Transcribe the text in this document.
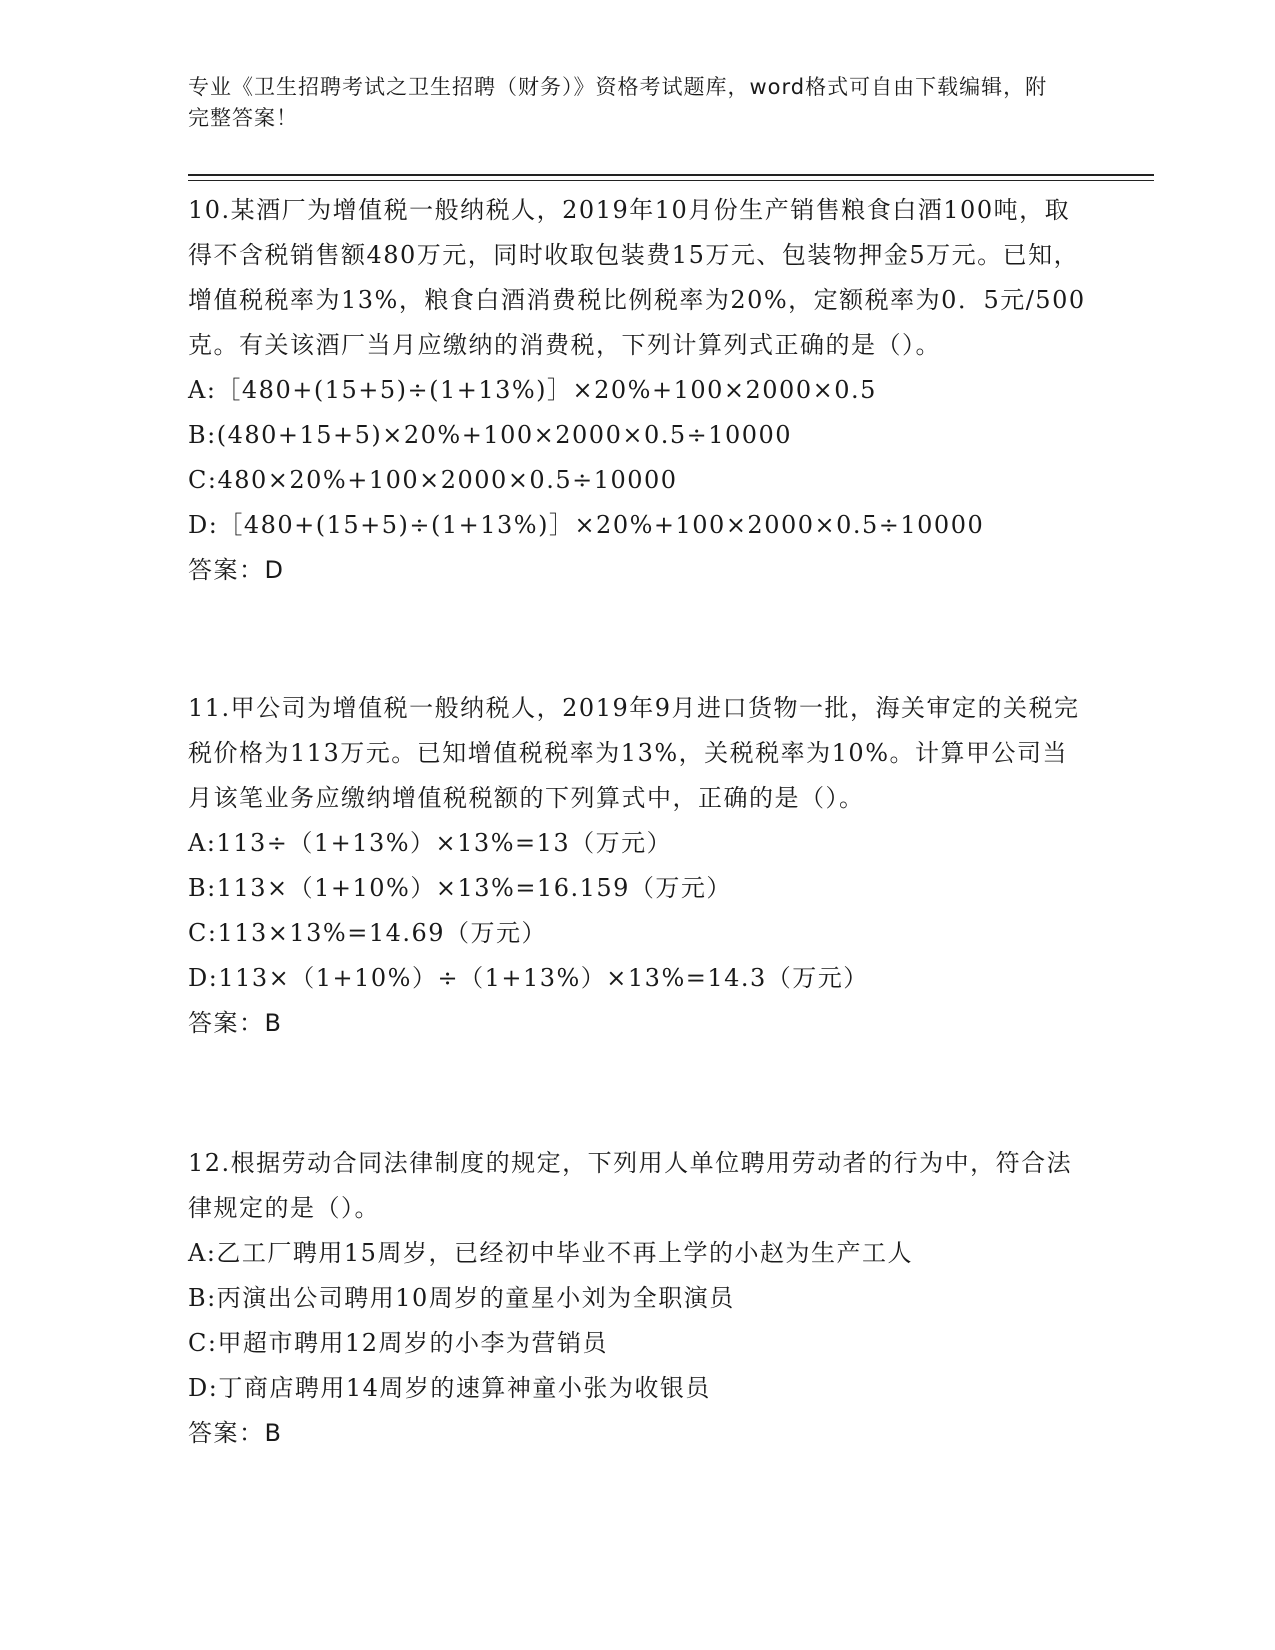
专业《卫生招聘考试之卫生招聘（财务）》资格考试题库，word格式可自由下载编辑，附完整答案！

10.某酒厂为增值税一般纳税人，2019年10月份生产销售粮食白酒100吨，取得不含税销售额480万元，同时收取包装费15万元、包装物押金5万元。已知，增值税税率为13%，粮食白酒消费税比例税率为20%，定额税率为0．5元/500克。有关该酒厂当月应缴纳的消费税，下列计算列式正确的是（）。

A:［480+(15+5)÷(1+13%)］×20%+100×2000×0.5

B:(480+15+5)×20%+100×2000×0.5÷10000

C:480×20%+100×2000×0.5÷10000

D:［480+(15+5)÷(1+13%)］×20%+100×2000×0.5÷10000

答案：D

11.甲公司为增值税一般纳税人，2019年9月进口货物一批，海关审定的关税完税价格为113万元。已知增值税税率为13%，关税税率为10%。计算甲公司当月该笔业务应缴纳增值税税额的下列算式中，正确的是（）。

A:113÷（1+13%）×13%=13（万元）

B:113×（1+10%）×13%=16.159（万元）

C:113×13%=14.69（万元）

D:113×（1+10%）÷（1+13%）×13%=14.3（万元）

答案：B

12.根据劳动合同法律制度的规定，下列用人单位聘用劳动者的行为中，符合法律规定的是（）。

A:乙工厂聘用15周岁，已经初中毕业不再上学的小赵为生产工人

B:丙演出公司聘用10周岁的童星小刘为全职演员

C:甲超市聘用12周岁的小李为营销员

D:丁商店聘用14周岁的速算神童小张为收银员

答案：B
